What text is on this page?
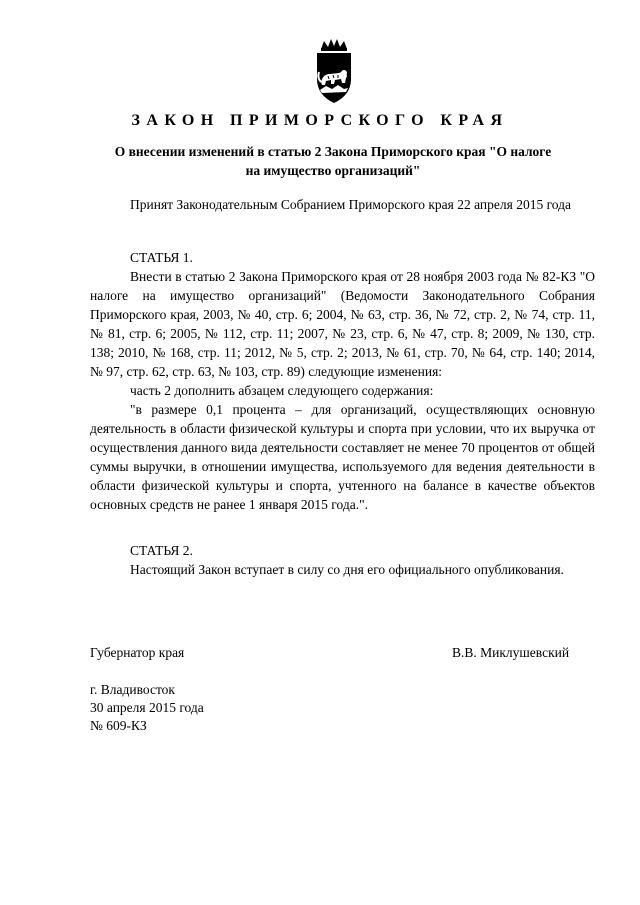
ЗАКОН ПРИМОРСКОГО КРАЯ
О внесении изменений в статью 2 Закона Приморского края "О налоге
на имущество организаций"
Принят Законодательным Собранием Приморского края 22 апреля 2015 года
СТАТЬЯ 1.
Внести в статью 2 Закона Приморского края от 28 ноября 2003 года № 82-КЗ "О налоге на имущество организаций" (Ведомости Законодательного Собрания Приморского края, 2003, № 40, стр. 6; 2004, № 63, стр. 36, № 72, стр. 2, № 74, стр. 11, № 81, стр. 6; 2005, № 112, стр. 11; 2007, № 23, стр. 6, № 47, стр. 8; 2009, № 130, стр. 138; 2010, № 168, стр. 11; 2012, № 5, стр. 2; 2013, № 61, стр. 70, № 64, стр. 140; 2014, № 97, стр. 62, стр. 63, № 103, стр. 89) следующие изменения:
часть 2 дополнить абзацем следующего содержания:
"в размере 0,1 процента – для организаций, осуществляющих основную деятельность в области физической культуры и спорта при условии, что их выручка от осуществления данного вида деятельности составляет не менее 70 процентов от общей суммы выручки, в отношении имущества, используемого для ведения деятельности в области физической культуры и спорта, учтенного на балансе в качестве объектов основных средств не ранее 1 января 2015 года.".
СТАТЬЯ 2.
Настоящий Закон вступает в силу со дня его официального опубликования.
Губернатор края	В.В. Миклушевский
г. Владивосток
30 апреля 2015 года
№ 609-КЗ
